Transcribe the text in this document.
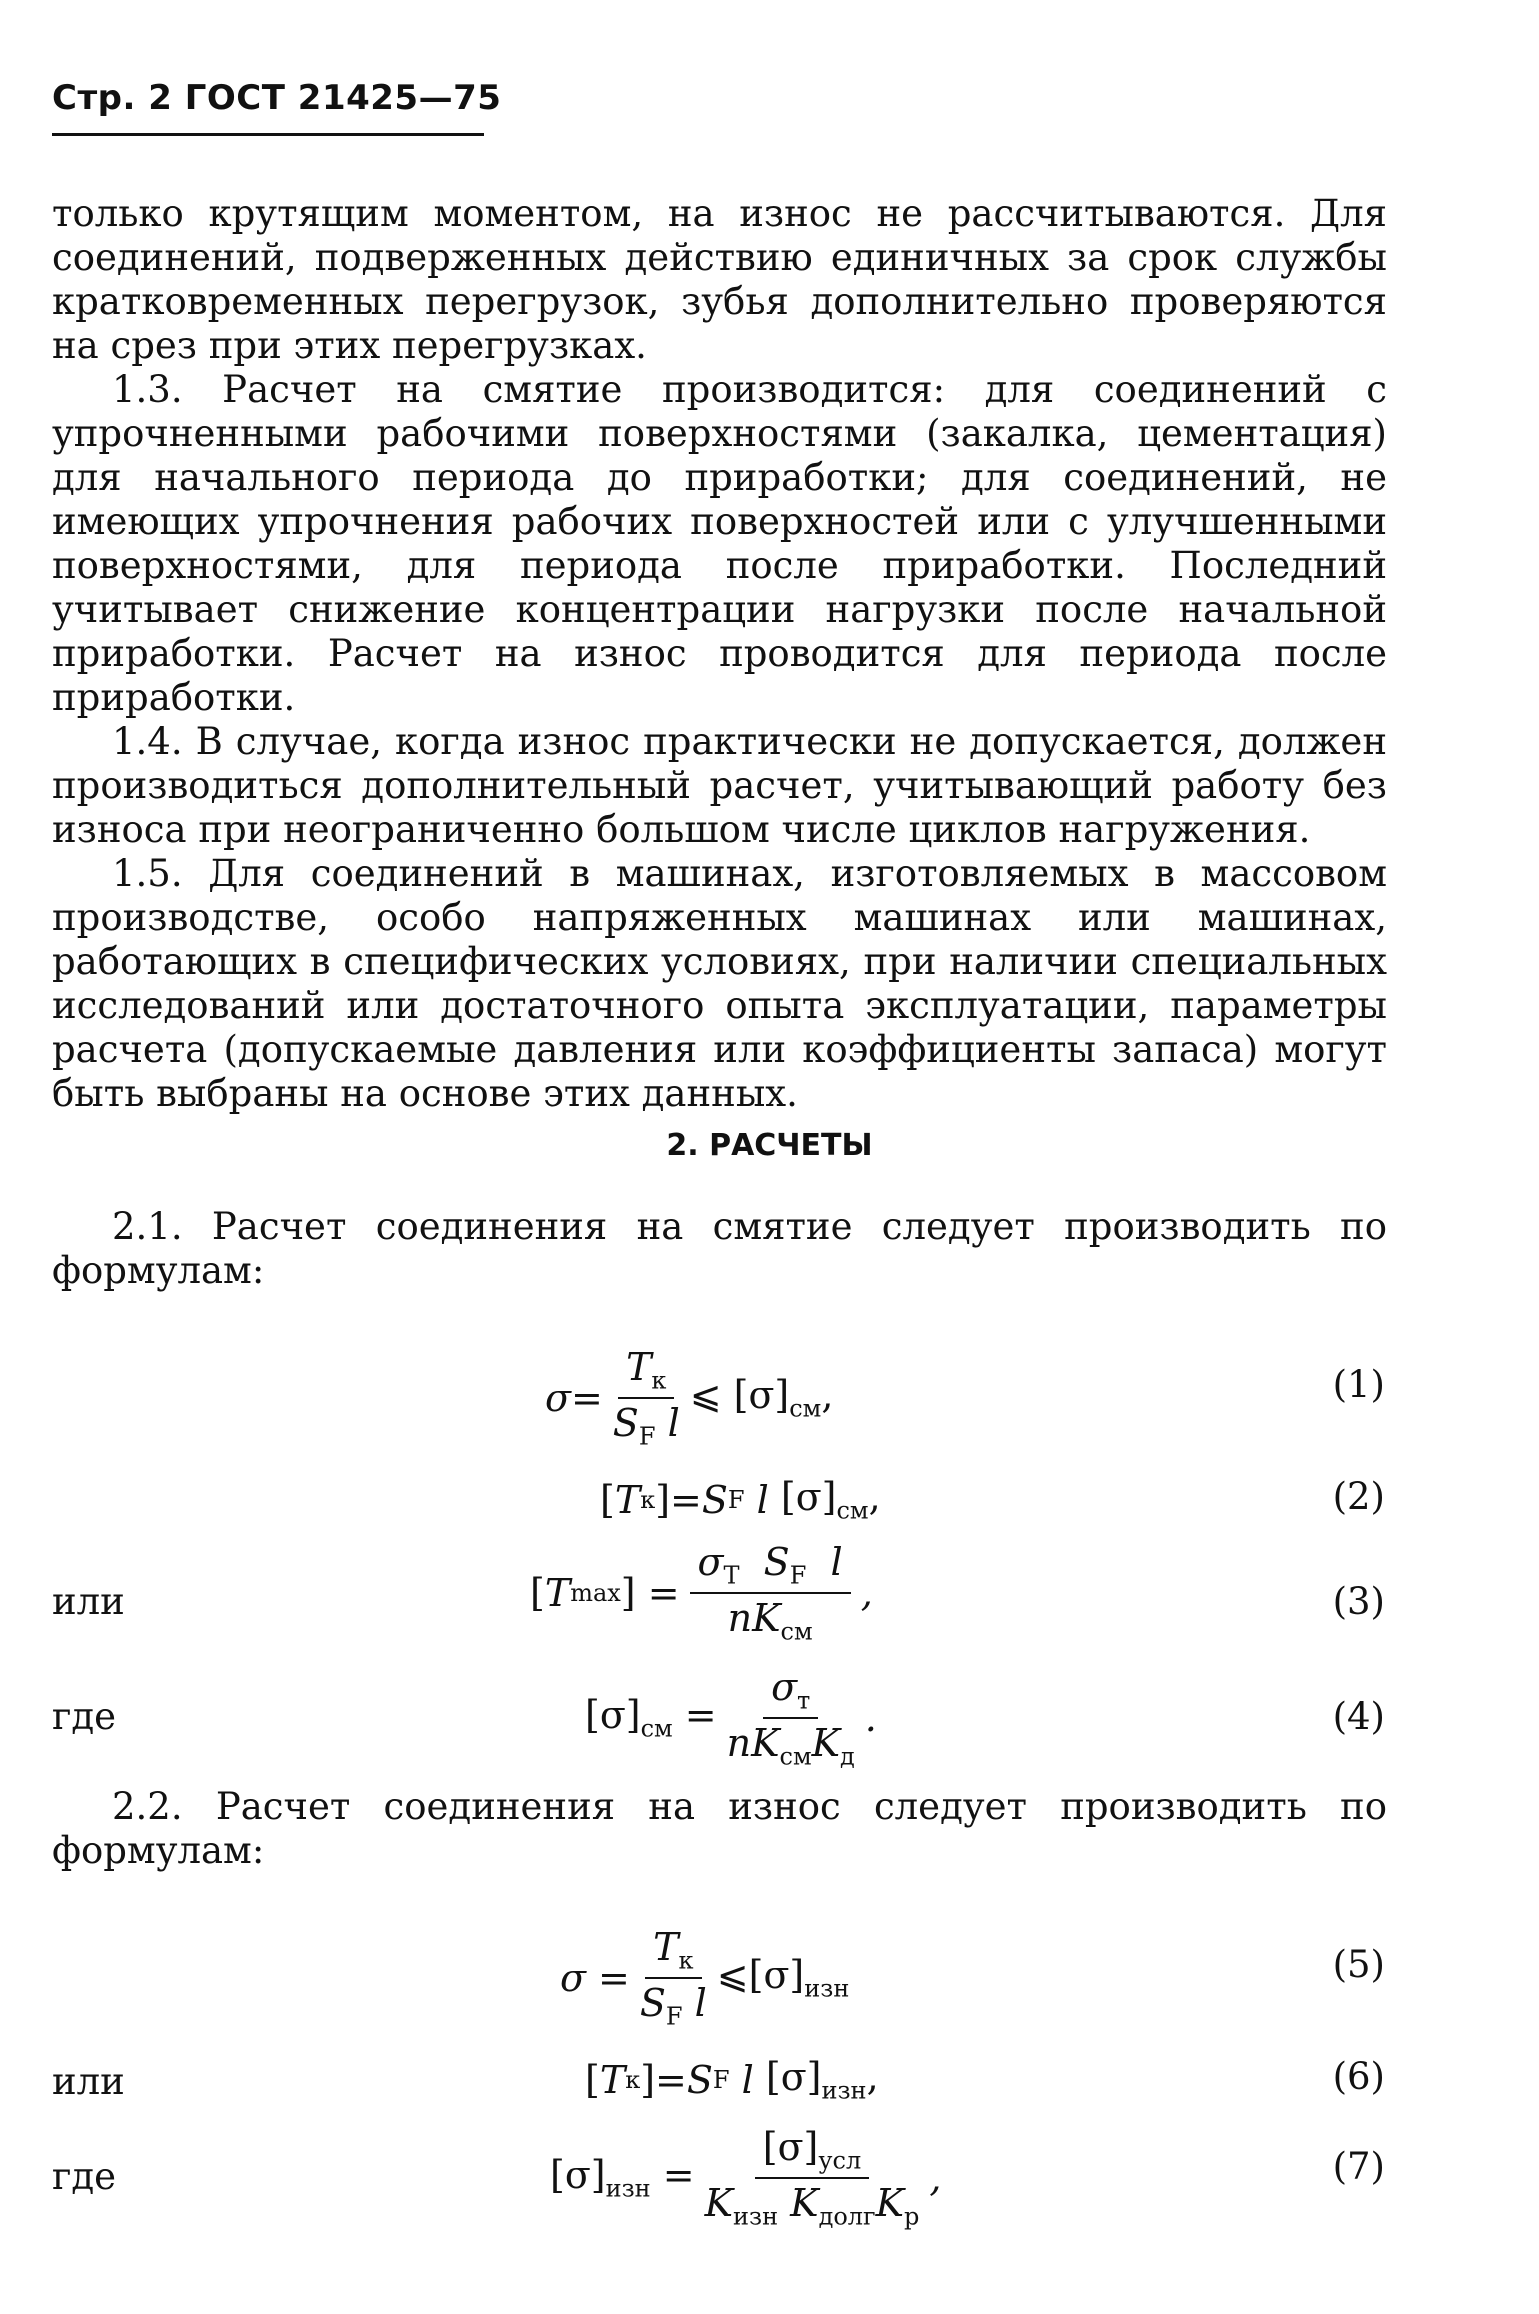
Стр. 2 ГОСТ 21425—75

только крутящим моментом, на износ не рассчитываются. Для соединений, подверженных действию единичных за срок службы кратковременных перегрузок, зубья дополнительно проверяются на срез при этих перегрузках.

1.3. Расчет на смятие производится: для соединений с упрочненными рабочими поверхностями (закалка, цементация) для начального периода до приработки; для соединений, не имеющих упрочнения рабочих поверхностей или с улучшенными поверхностями, для периода после приработки. Последний учитывает снижение концентрации нагрузки после начальной приработки. Расчет на износ проводится для периода после приработки.

1.4. В случае, когда износ практически не допускается, должен производиться дополнительный расчет, учитывающий работу без износа при неограниченно большом числе циклов нагружения.

1.5. Для соединений в машинах, изготовляемых в массовом производстве, особо напряженных машинах или машинах, работающих в специфических условиях, при наличии специальных исследований или достаточного опыта эксплуатации, параметры расчета (допускаемые давления или коэффициенты запаса) могут быть выбраны на основе этих данных.

2. РАСЧЕТЫ

2.1. Расчет соединения на смятие следует производить по формулам:

$\sigma= \frac{T_к}{S_F l}$ ⩽ $[\sigma]_{см}$,	(1)
[ T к ]= S F l $[\sigma]_{см}$,	(2)
или	[ T max ] = $\frac{\sigma_T S_F l}{nK_{см}}$ ,	(3)
где	$[\sigma]_{см} = \frac{\sigma_т}{nK_{см}K_д}$ .	(4)

2.2. Расчет соединения на износ следует производить по формулам:

$\sigma = \frac{T_к}{S_F l}$ $⩽[\sigma]_{изн}$
(5)
или	[ T к ]= S F l $[\sigma]_{изн}$,	(6)
где	$[\sigma]_{изн} = \frac{[\sigma]_{усл}}{K_{изн} K_{долг}K_р}$ ,	(7)
